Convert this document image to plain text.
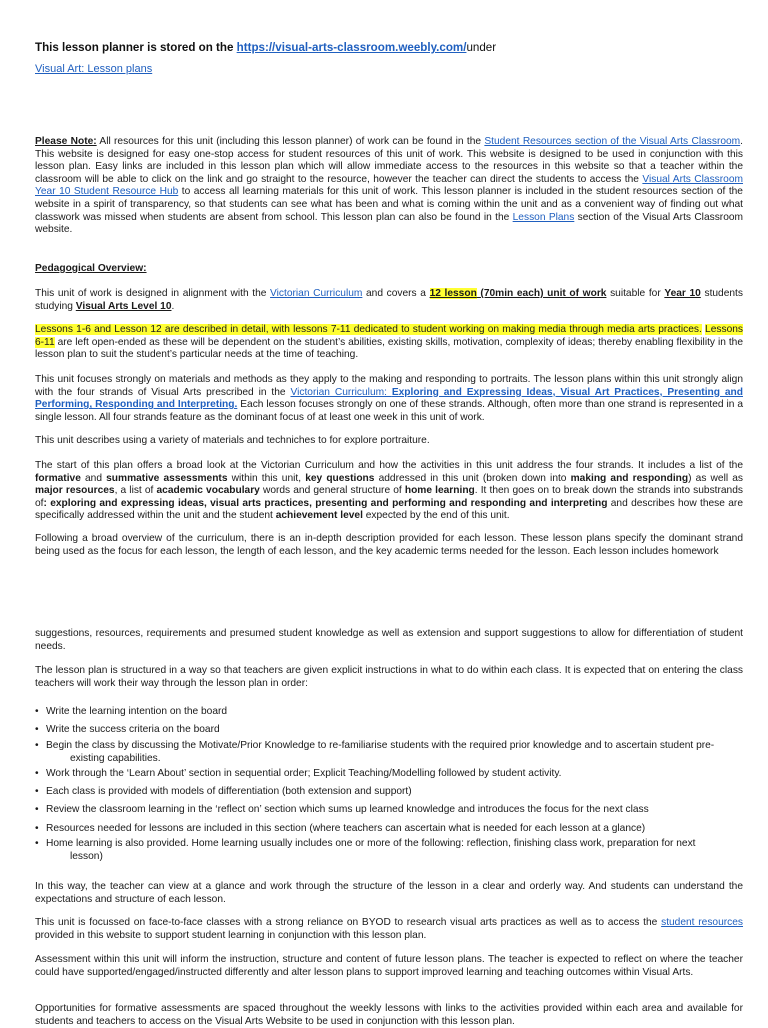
This lesson planner is stored on the https://visual-arts-classroom.weebly.com/under
Visual Art: Lesson plans

Please Note: All resources for this unit (including this lesson planner) of work can be found in the Student Resources section of the Visual Arts Classroom. This website is designed for easy one-stop access for student resources of this unit of work. This website is designed to be used in conjunction with this lesson plan. Easy links are included in this lesson plan which will allow immediate access to the resources in this website so that a teacher within the classroom will be able to click on the link and go straight to the resource, however the teacher can direct the students to access the Visual Arts Classroom Year 10 Student Resource Hub to access all learning materials for this unit of work. This lesson planner is included in the student resources section of the website in a spirit of transparency, so that students can see what has been and what is coming within the unit and as a convenient way of finding out what classwork was missed when students are absent from school. This lesson plan can also be found in the Lesson Plans section of the Visual Arts Classroom website.

Pedagogical Overview:

This unit of work is designed in alignment with the Victorian Curriculum and covers a 12 lesson (70min each) unit of work suitable for Year 10 students studying Visual Arts Level 10.

Lessons 1-6 and Lesson 12 are described in detail, with lessons 7-11 dedicated to student working on making media through media arts practices. Lessons 6-11 are left open-ended as these will be dependent on the student’s abilities, existing skills, motivation, complexity of ideas; thereby enabling flexibility in the lesson plan to suit the student’s particular needs at the time of teaching.

This unit focuses strongly on materials and methods as they apply to the making and responding to portraits. The lesson plans within this unit strongly align with the four strands of Visual Arts prescribed in the Victorian Curriculum: Exploring and Expressing Ideas, Visual Art Practices, Presenting and Performing, Responding and Interpreting. Each lesson focuses strongly on one of these strands. Although, often more than one strand is represented in a single lesson. All four strands feature as the dominant focus of at least one week in this unit of work.

This unit describes using a variety of materials and techniches to for explore portraiture.

The start of this plan offers a broad look at the Victorian Curriculum and how the activities in this unit address the four strands. It includes a list of the formative and summative assessments within this unit, key questions addressed in this unit (broken down into making and responding) as well as major resources, a list of academic vocabulary words and general structure of home learning. It then goes on to break down the strands into substrands of: exploring and expressing ideas, visual arts practices, presenting and performing and responding and interpreting and describes how these are specifically addressed within the unit and the student achievement level expected by the end of this unit.

Following a broad overview of the curriculum, there is an in-depth description provided for each lesson. These lesson plans specify the dominant strand being used as the focus for each lesson, the length of each lesson, and the key academic terms needed for the lesson. Each lesson includes homework

suggestions, resources, requirements and presumed student knowledge as well as extension and support suggestions to allow for differentiation of student needs.

The lesson plan is structured in a way so that teachers are given explicit instructions in what to do within each class. It is expected that on entering the class teachers will work their way through the lesson plan in order:

• Write the learning intention on the board
• Write the success criteria on the board
• Begin the class by discussing the Motivate/Prior Knowledge to re-familiarise students with the required prior knowledge and to ascertain student pre-
existing capabilities.
• Work through the ‘Learn About’ section in sequential order; Explicit Teaching/Modelling followed by student activity.
• Each class is provided with models of differentiation (both extension and support)
• Review the classroom learning in the ‘reflect on’ section which sums up learned knowledge and introduces the focus for the next class
• Resources needed for lessons are included in this section (where teachers can ascertain what is needed for each lesson at a glance)
• Home learning is also provided. Home learning usually includes one or more of the following: reflection, finishing class work, preparation for next
lesson)

In this way, the teacher can view at a glance and work through the structure of the lesson in a clear and orderly way. And students can understand the expectations and structure of each lesson.

This unit is focussed on face-to-face classes with a strong reliance on BYOD to research visual arts practices as well as to access the student resources provided in this website to support student learning in conjunction with this lesson plan.

Assessment within this unit will inform the instruction, structure and content of future lesson plans. The teacher is expected to reflect on where the teacher could have supported/engaged/instructed differently and alter lesson plans to support improved learning and teaching outcomes within Visual Arts.

Opportunities for formative assessments are spaced throughout the weekly lessons with links to the activities provided within each area and available for students and teachers to access on the Visual Arts Website to be used in conjunction with this lesson plan.
